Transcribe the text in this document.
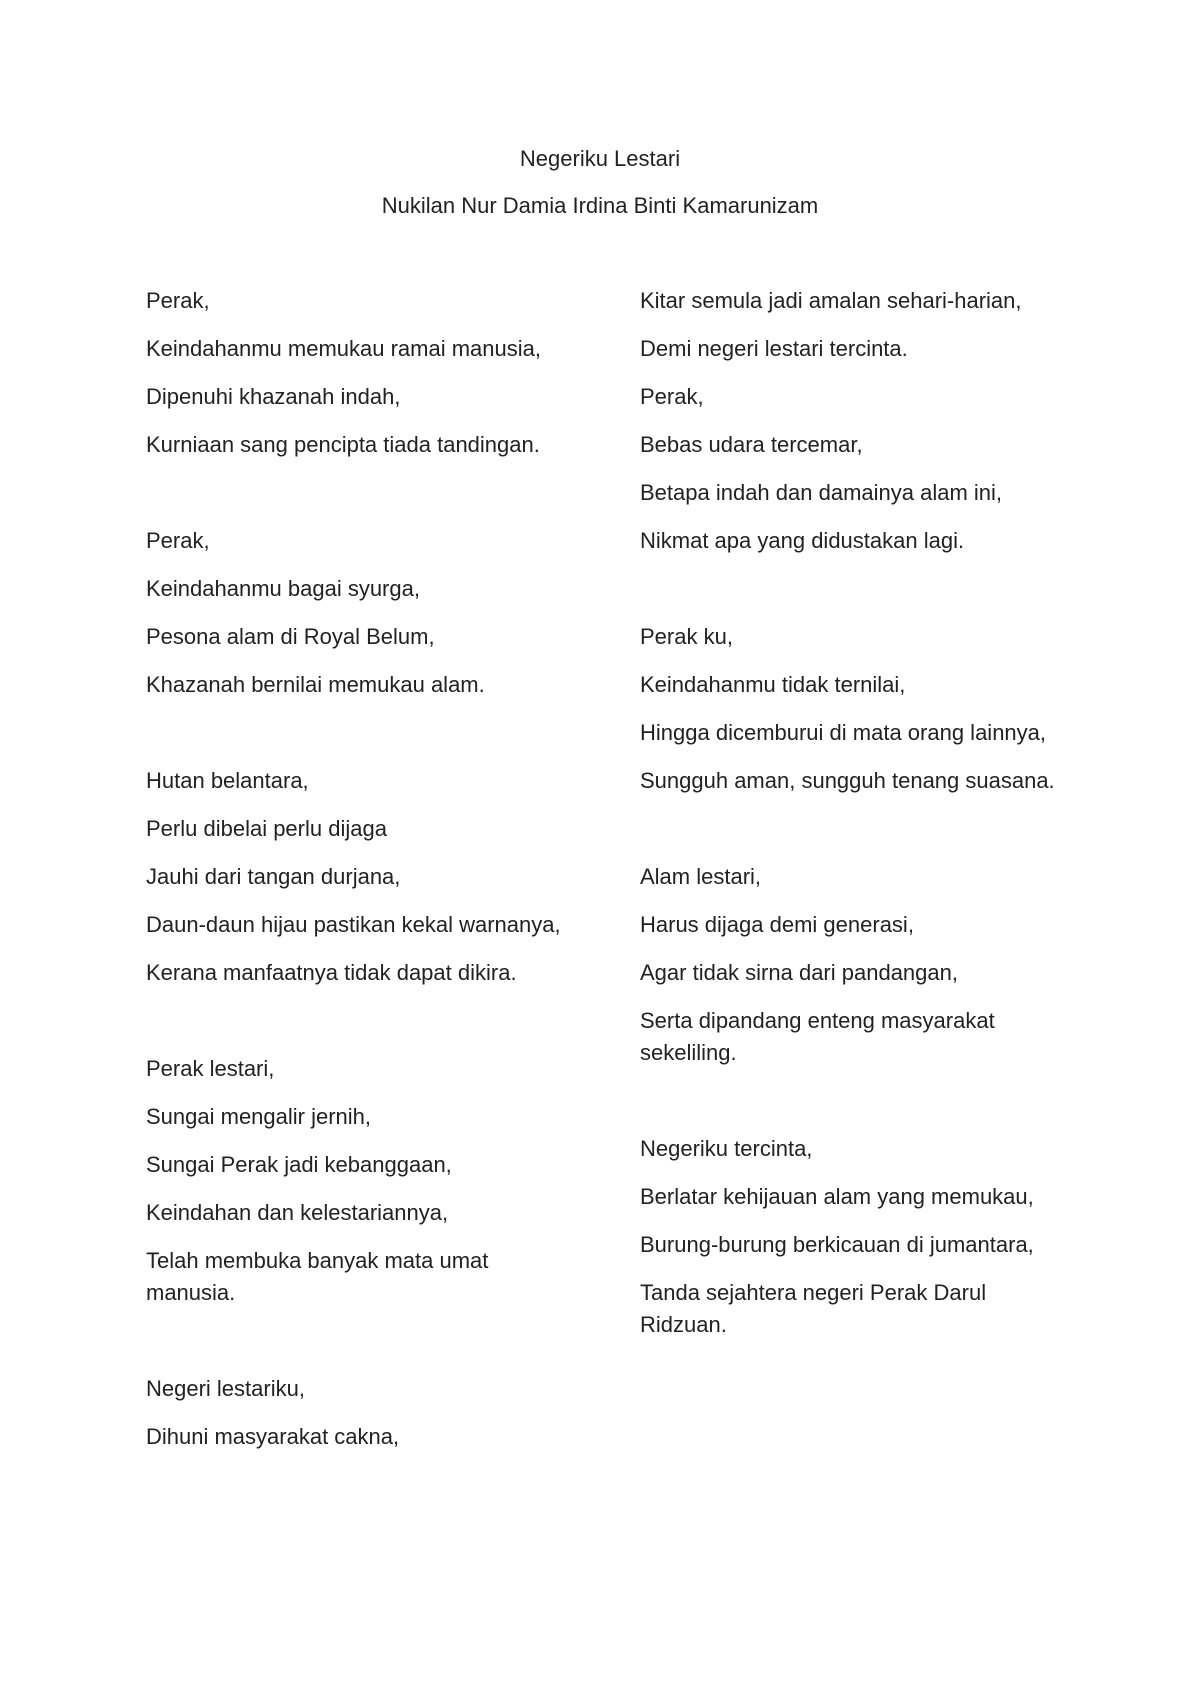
Negeriku Lestari

Nukilan Nur Damia Irdina Binti Kamarunizam

Perak,

Keindahanmu memukau ramai manusia,

Dipenuhi khazanah indah,

Kurniaan sang pencipta tiada tandingan.

Perak,

Keindahanmu bagai syurga,

Pesona alam di Royal Belum,

Khazanah bernilai memukau alam.

Hutan belantara,

Perlu dibelai perlu dijaga

Jauhi dari tangan durjana,

Daun-daun hijau pastikan kekal warnanya,

Kerana manfaatnya tidak dapat dikira.

Perak lestari,

Sungai mengalir jernih,

Sungai Perak jadi kebanggaan,

Keindahan dan kelestariannya,

Telah membuka banyak mata umat manusia.

Negeri lestariku,

Dihuni masyarakat cakna,

Kitar semula jadi amalan sehari-harian,

Demi negeri lestari tercinta.

Perak,

Bebas udara tercemar,

Betapa indah dan damainya alam ini,

Nikmat apa yang didustakan lagi.

Perak ku,

Keindahanmu tidak ternilai,

Hingga dicemburui di mata orang lainnya,

Sungguh aman, sungguh tenang suasana.

Alam lestari,

Harus dijaga demi generasi,

Agar tidak sirna dari pandangan,

Serta dipandang enteng masyarakat sekeliling.

Negeriku tercinta,

Berlatar kehijauan alam yang memukau,

Burung-burung berkicauan di jumantara,

Tanda sejahtera negeri Perak Darul Ridzuan.
